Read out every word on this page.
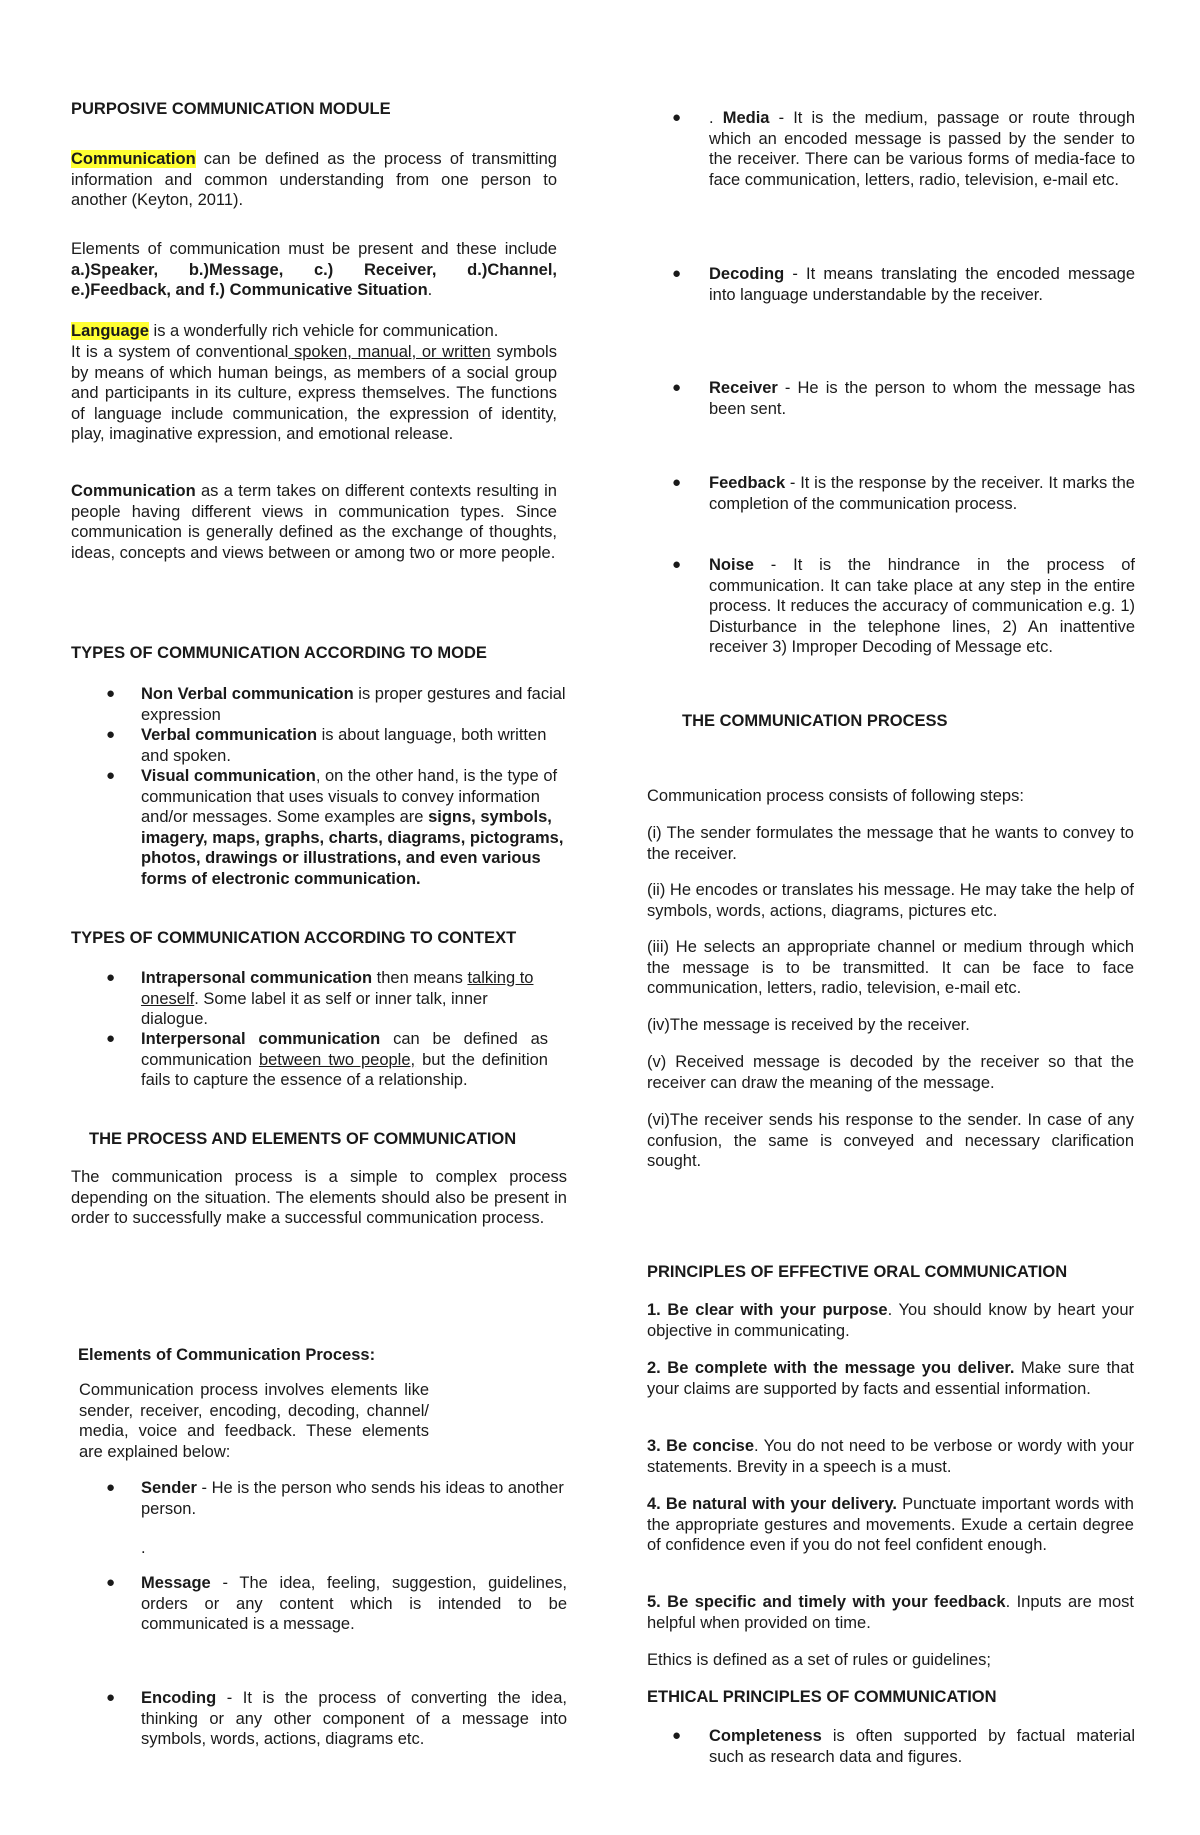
PURPOSIVE COMMUNICATION MODULE

Communication can be defined as the process of transmitting information and common understanding from one person to another (Keyton, 2011).

Elements of communication must be present and these include a.)Speaker, b.)Message, c.) Receiver, d.)Channel, e.)Feedback, and f.) Communicative Situation.

Language is a wonderfully rich vehicle for communication.

It is a system of conventional spoken, manual, or written symbols by means of which human beings, as members of a social group and participants in its culture, express themselves. The functions of language include communication, the expression of identity, play, imaginative expression, and emotional release.

Communication as a term takes on different contexts resulting in people having different views in communication types. Since communication is generally defined as the exchange of thoughts, ideas, concepts and views between or among two or more people.

TYPES OF COMMUNICATION ACCORDING TO MODE

● Non Verbal communication is proper gestures and facial expression
● Verbal communication is about language, both written and spoken.
● Visual communication, on the other hand, is the type of communication that uses visuals to convey information and/or messages. Some examples are signs, symbols, imagery, maps, graphs, charts, diagrams, pictograms, photos, drawings or illustrations, and even various forms of electronic communication.

TYPES OF COMMUNICATION ACCORDING TO CONTEXT

● Intrapersonal communication then means talking to oneself. Some label it as self or inner talk, inner dialogue.
● Interpersonal communication can be defined as communication between two people, but the definition fails to capture the essence of a relationship.

THE PROCESS AND ELEMENTS OF COMMUNICATION

The communication process is a simple to complex process depending on the situation. The elements should also be present in order to successfully make a successful communication process.

Elements of Communication Process:

Communication process involves elements like sender, receiver, encoding, decoding, channel/ media, voice and feedback. These elements are explained below:

● Sender - He is the person who sends his ideas to another person.

.

● Message - The idea, feeling, suggestion, guidelines, orders or any content which is intended to be communicated is a message.
● Encoding - It is the process of converting the idea, thinking or any other component of a message into symbols, words, actions, diagrams etc.
● . Media - It is the medium, passage or route through which an encoded message is passed by the sender to the receiver. There can be various forms of media-face to face communication, letters, radio, television, e-mail etc.
● Decoding - It means translating the encoded message into language understandable by the receiver.
● Receiver - He is the person to whom the message has been sent.
● Feedback - It is the response by the receiver. It marks the completion of the communication process.
● Noise - It is the hindrance in the process of communication. It can take place at any step in the entire process. It reduces the accuracy of communication e.g. 1) Disturbance in the telephone lines, 2) An inattentive receiver 3) Improper Decoding of Message etc.

THE COMMUNICATION PROCESS

Communication process consists of following steps:

(i) The sender formulates the message that he wants to convey to the receiver.

(ii) He encodes or translates his message. He may take the help of symbols, words, actions, diagrams, pictures etc.

(iii) He selects an appropriate channel or medium through which the message is to be transmitted. It can be face to face communication, letters, radio, television, e-mail etc.

(iv)The message is received by the receiver.

(v) Received message is decoded by the receiver so that the receiver can draw the meaning of the message.

(vi)The receiver sends his response to the sender. In case of any confusion, the same is conveyed and necessary clarification sought.

PRINCIPLES OF EFFECTIVE ORAL COMMUNICATION

1. Be clear with your purpose. You should know by heart your objective in communicating.

2. Be complete with the message you deliver. Make sure that your claims are supported by facts and essential information.

3. Be concise. You do not need to be verbose or wordy with your statements. Brevity in a speech is a must.

4. Be natural with your delivery. Punctuate important words with the appropriate gestures and movements. Exude a certain degree of confidence even if you do not feel confident enough.

5. Be specific and timely with your feedback. Inputs are most helpful when provided on time.

Ethics is defined as a set of rules or guidelines;

ETHICAL PRINCIPLES OF COMMUNICATION

● Completeness is often supported by factual material such as research data and figures.
